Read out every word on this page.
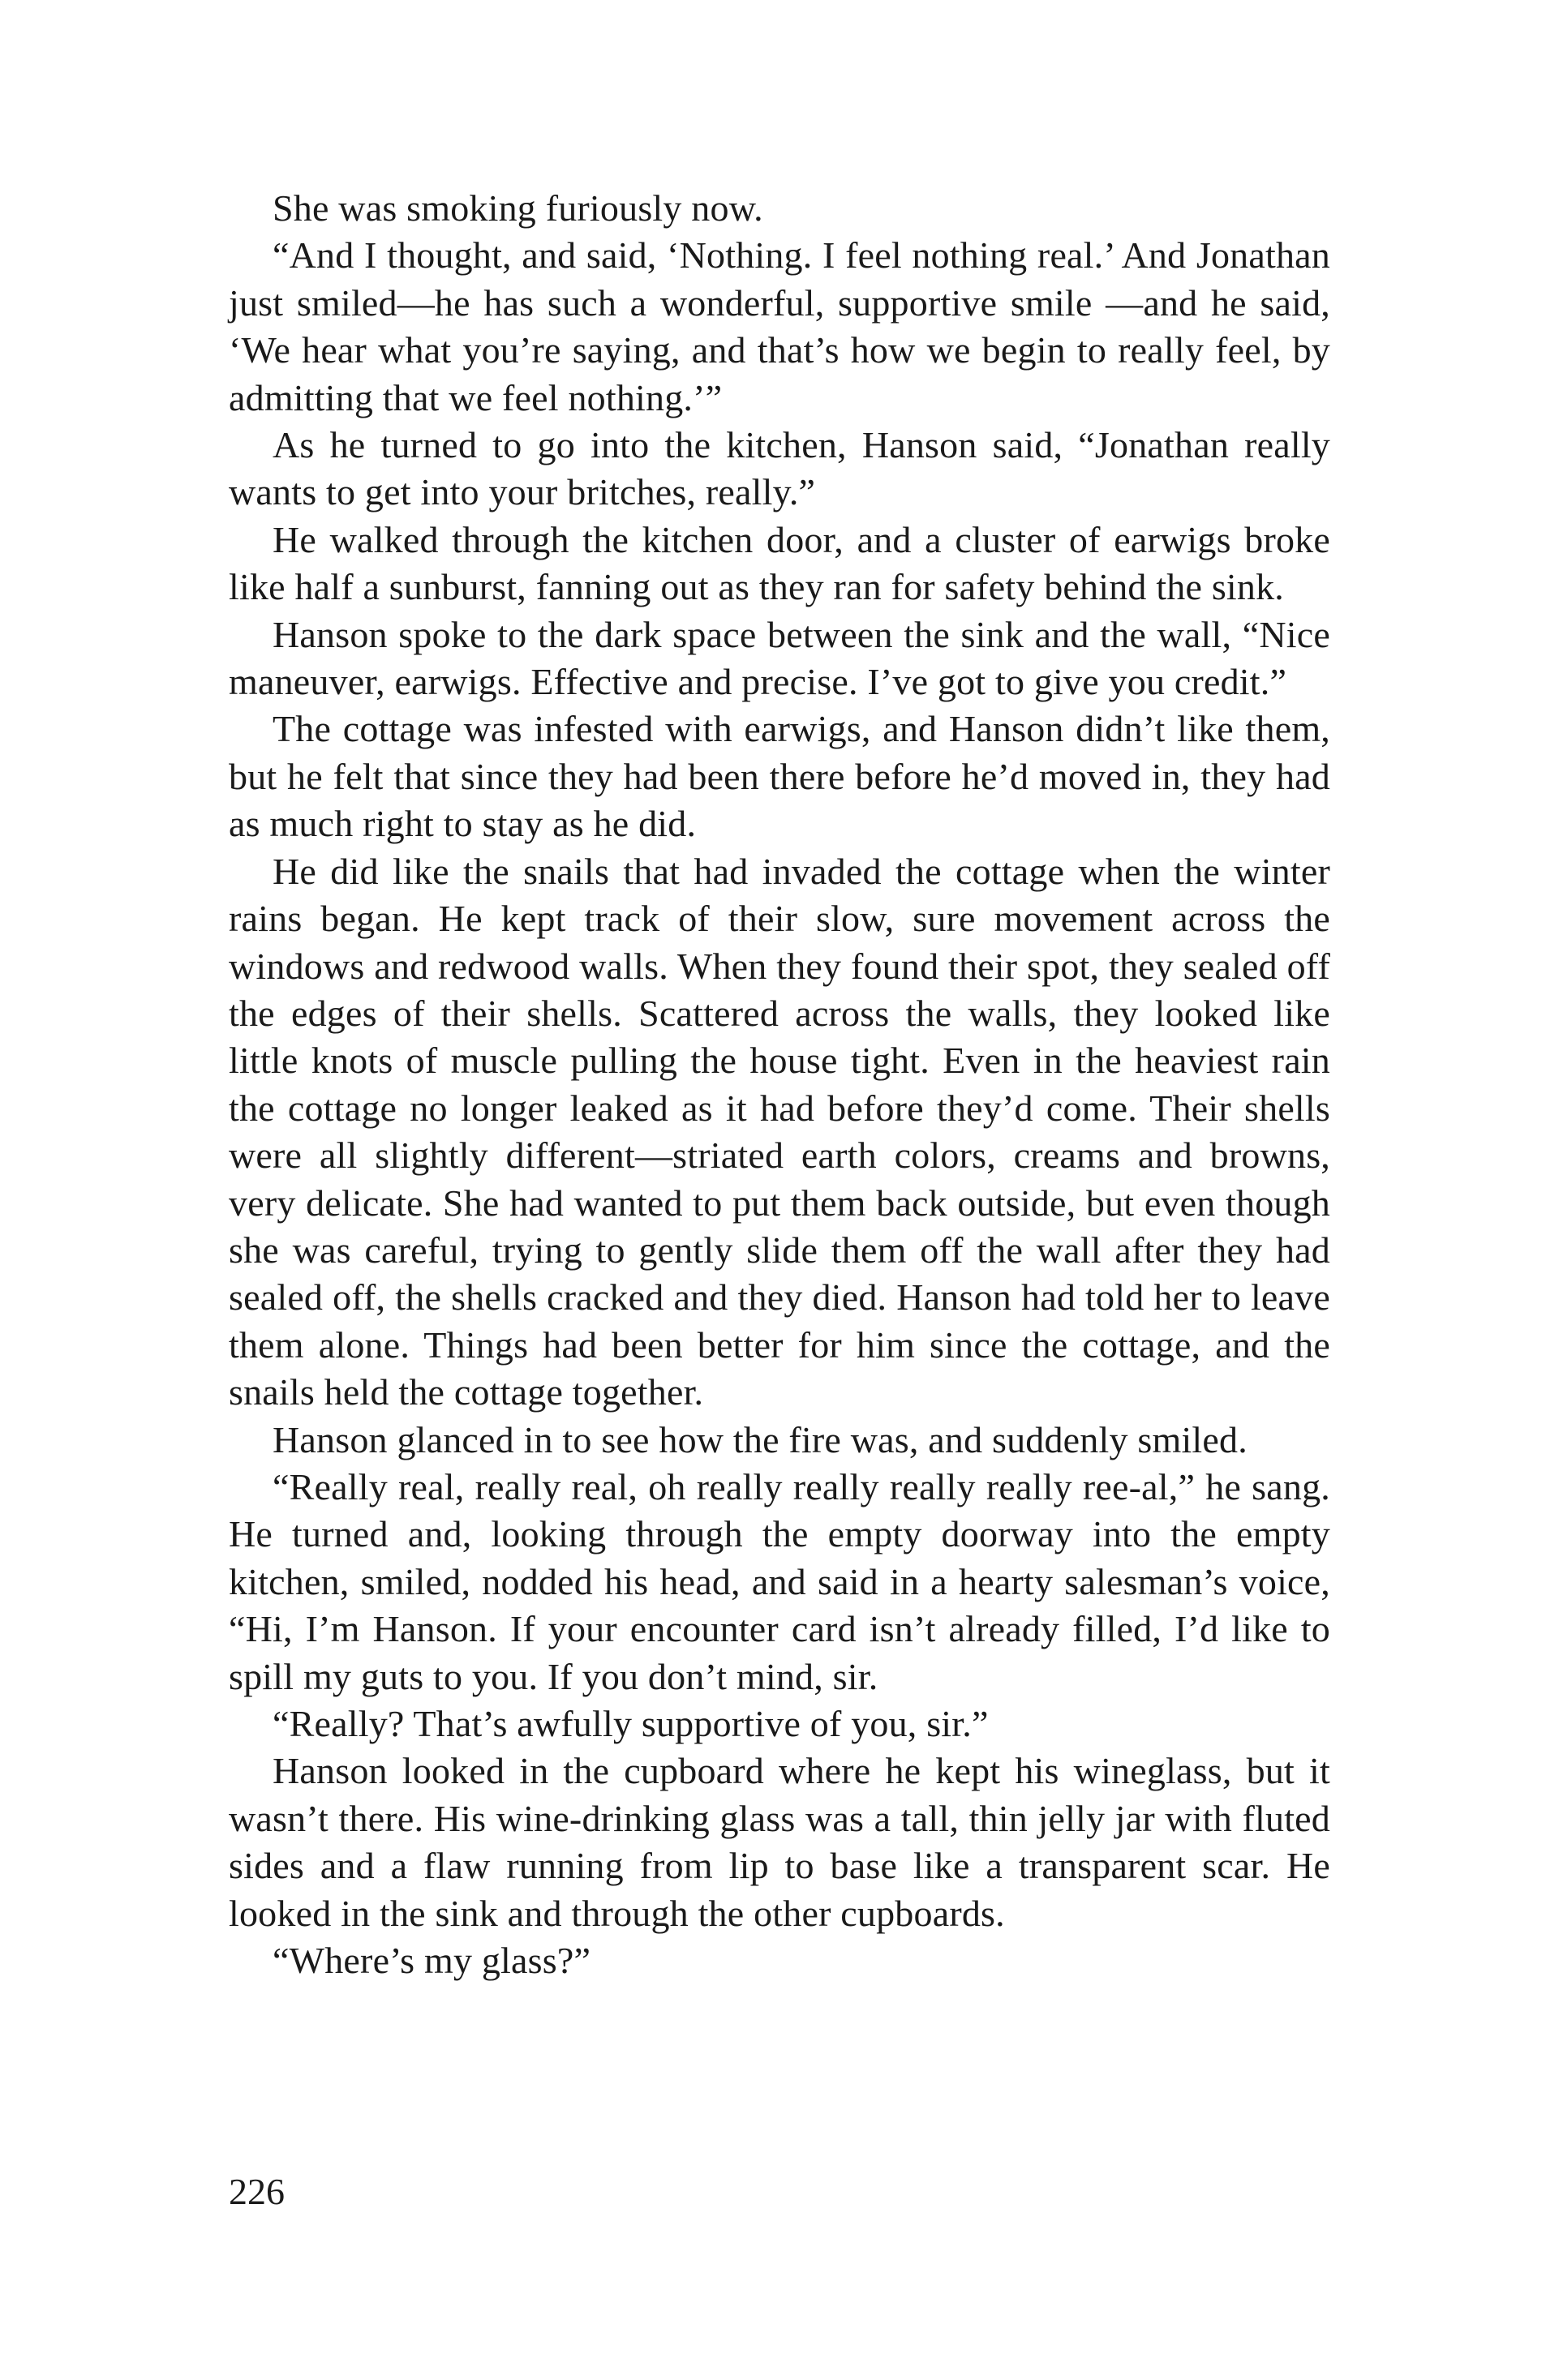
She was smoking furiously now.

“And I thought, and said, ‘Nothing. I feel nothing real.’ And Jonathan just smiled—he has such a wonderful, supportive smile —and he said, ‘We hear what you’re saying, and that’s how we begin to really feel, by admitting that we feel nothing.’”

As he turned to go into the kitchen, Hanson said, “Jonathan really wants to get into your britches, really.”

He walked through the kitchen door, and a cluster of earwigs broke like half a sunburst, fanning out as they ran for safety behind the sink.

Hanson spoke to the dark space between the sink and the wall, “Nice maneuver, earwigs. Effective and precise. I’ve got to give you credit.”

The cottage was infested with earwigs, and Hanson didn’t like them, but he felt that since they had been there before he’d moved in, they had as much right to stay as he did.

He did like the snails that had invaded the cottage when the winter rains began. He kept track of their slow, sure movement across the windows and redwood walls. When they found their spot, they sealed off the edges of their shells. Scattered across the walls, they looked like little knots of muscle pulling the house tight. Even in the heaviest rain the cottage no longer leaked as it had before they’d come. Their shells were all slightly different—striated earth colors, creams and browns, very delicate. She had wanted to put them back outside, but even though she was careful, trying to gently slide them off the wall after they had sealed off, the shells cracked and they died. Hanson had told her to leave them alone. Things had been better for him since the cottage, and the snails held the cottage together.

Hanson glanced in to see how the fire was, and suddenly smiled.

“Really real, really real, oh really really really really ree-al,” he sang. He turned and, looking through the empty doorway into the empty kitchen, smiled, nodded his head, and said in a hearty salesman’s voice, “Hi, I’m Hanson. If your encounter card isn’t already filled, I’d like to spill my guts to you. If you don’t mind, sir.

“Really? That’s awfully supportive of you, sir.”

Hanson looked in the cupboard where he kept his wineglass, but it wasn’t there. His wine-drinking glass was a tall, thin jelly jar with fluted sides and a flaw running from lip to base like a transparent scar. He looked in the sink and through the other cupboards.

“Where’s my glass?”

226
